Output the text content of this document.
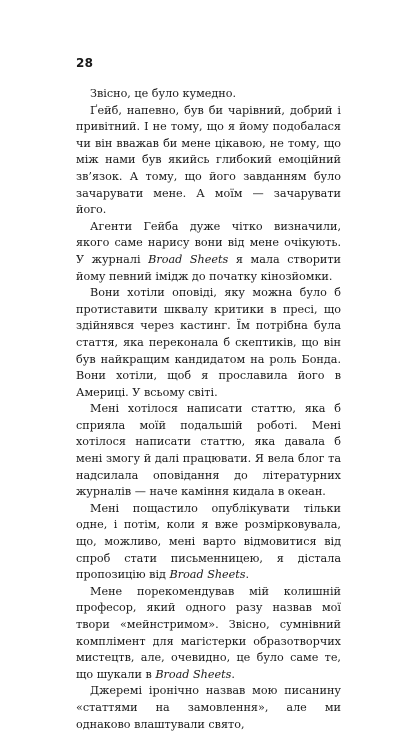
28

Звісно, це було кумедно.

Ґейб, напевно, був би чарівний, добрий і привітний. І не тому, що я йому подобалася чи він вважав би мене цікавою, не тому, що між нами був якийсь глибокий емоційний зв’язок. А тому, що його завданням було зачарувати мене. А моїм — зачарувати його.

Агенти Гейба дуже чітко визначили, якого саме нарису вони від мене очікують. У журналі Broad Sheets я мала створити йому певний імідж до початку кінозйомки.

Вони хотіли оповіді, яку можна було б протиставити шквалу критики в пресі, що здійнявся через кастинг. Їм потрібна була стаття, яка переконала б скептиків, що він був найкращим кандидатом на роль Бонда. Вони хотіли, щоб я прославила його в Америці. У всьому світі.

Мені хотілося написати статтю, яка б сприяла моїй подальшій роботі. Мені хотілося написати статтю, яка давала б мені змогу й далі працювати. Я вела блог та надсилала оповідання до літературних журналів — наче каміння кидала в океан.

Мені пощастило опублікувати тільки одне, і потім, коли я вже розмірковувала, що, можливо, мені варто відмовитися від спроб стати письменницею, я дістала пропозицію від Broad Sheets.

Мене порекомендував мій колишній професор, який одного разу назвав мої твори «мейнстримом». Звісно, сумнівний комплімент для магістерки образотворчих мистецтв, але, очевидно, це було саме те, що шукали в Broad Sheets.

Джеремі іронічно назвав мою писанину «статтями на замовлення», але ми однаково влаштували свято,
